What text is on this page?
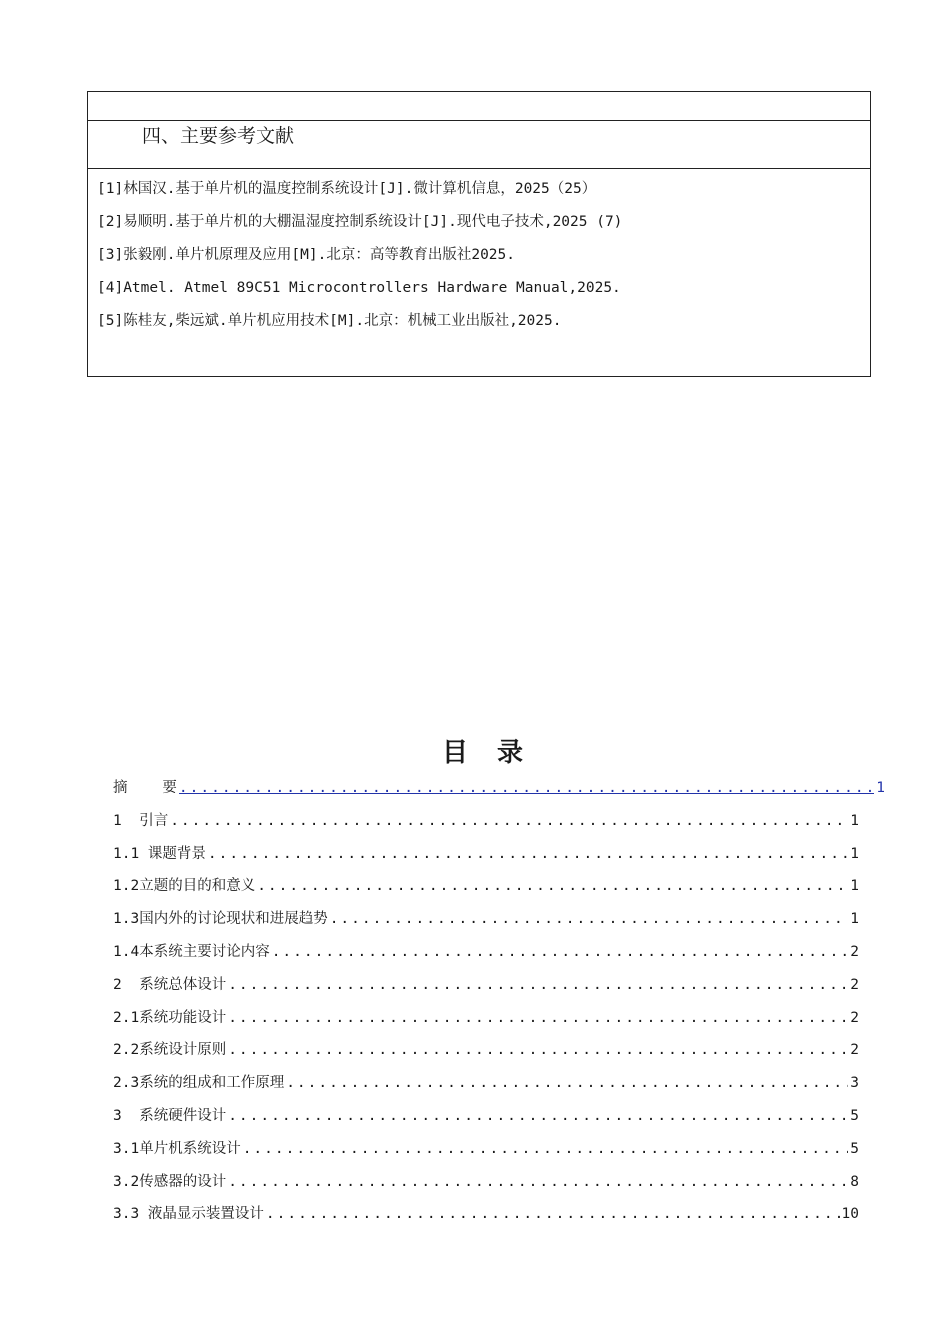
四、主要参考文献
[1]林国汉.基于单片机的温度控制系统设计[J].微计算机信息，2025（25）
[2]易顺明.基于单片机的大棚温湿度控制系统设计[J].现代电子技术,2025 (7)
[3]张毅刚.单片机原理及应用[M].北京：高等教育出版社2025.
[4]Atmel. Atmel 89C51 Microcontrollers Hardware Manual,2025.
[5]陈桂友,柴远斌.单片机应用技术[M].北京：机械工业出版社,2025.
目 录
摘    要 .....	1
1  引言 .....	1
1.1 课题背景 .....	1
1.2立题的目的和意义 .....	1
1.3国内外的讨论现状和进展趋势 .....	1
1.4本系统主要讨论内容 .....	2
2  系统总体设计 .....	2
2.1系统功能设计 .....	2
2.2系统设计原则 .....	2
2.3系统的组成和工作原理 .....	3
3  系统硬件设计 .....	5
3.1单片机系统设计 .....	5
3.2传感器的设计 .....	8
3.3 液晶显示装置设计 .....	10
